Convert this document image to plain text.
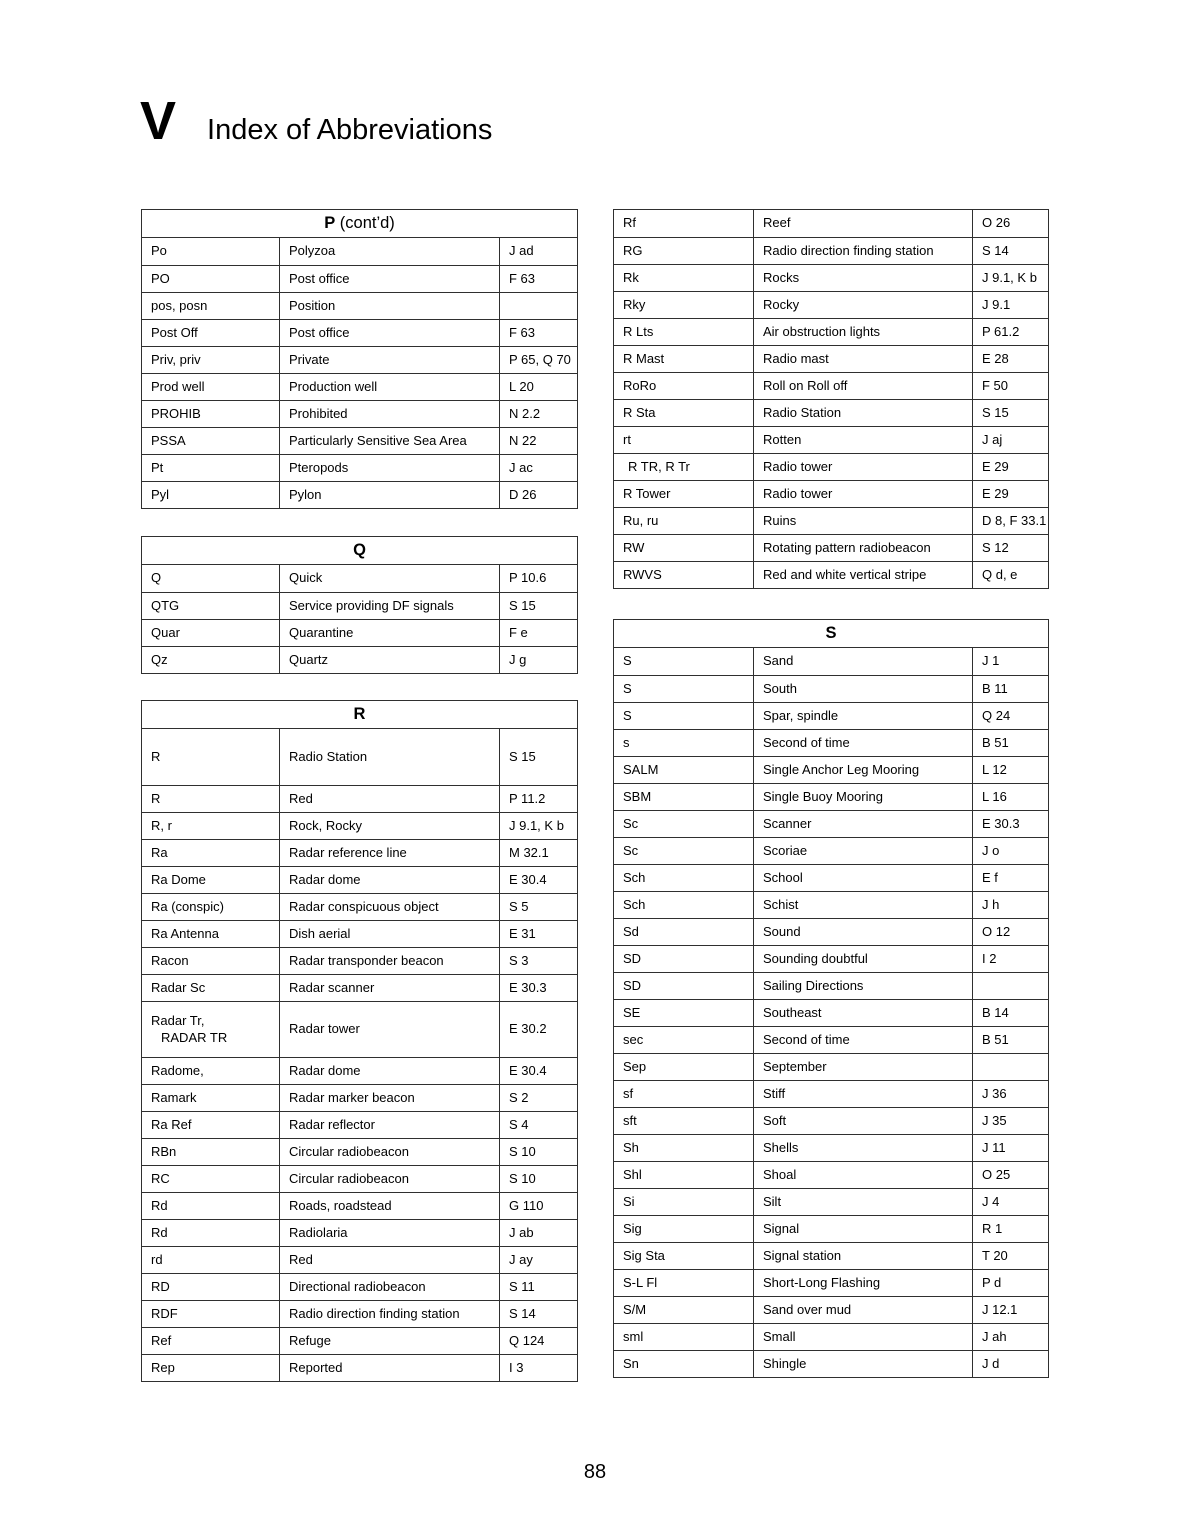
V Index of Abbreviations
P (cont’d)
Po	Polyzoa	J ad
PO	Post office	F 63
pos, posn	Position
Post Off	Post office	F 63
Priv, priv	Private	P 65, Q 70
Prod well	Production well	L 20
PROHIB	Prohibited	N 2.2
PSSA	Particularly Sensitive Sea Area	N 22
Pt	Pteropods	J ac
Pyl	Pylon	D 26
Q
Q	Quick	P 10.6
QTG	Service providing DF signals	S 15
Quar	Quarantine	F e
Qz	Quartz	J g
R
R	Radio Station	S 15
R	Red	P 11.2
R, r	Rock, Rocky	J 9.1, K b
Ra	Radar reference line	M 32.1
Ra Dome	Radar dome	E 30.4
Ra (conspic)	Radar conspicuous object	S 5
Ra Antenna	Dish aerial	E 31
Racon	Radar transponder beacon	S 3
Radar Sc	Radar scanner	E 30.3
Radar Tr,
RADAR TR
Radar tower	E 30.2
Radome,	Radar dome	E 30.4
Ramark	Radar marker beacon	S 2
Ra Ref	Radar reflector	S 4
RBn	Circular radiobeacon	S 10
RC	Circular radiobeacon	S 10
Rd	Roads, roadstead	G 110
Rd	Radiolaria	J ab
rd	Red	J ay
RD	Directional radiobeacon	S 11
RDF	Radio direction finding station	S 14
Ref	Refuge	Q 124
Rep	Reported	I 3
Rf	Reef	O 26
RG	Radio direction finding station	S 14
Rk	Rocks	J 9.1, K b
Rky	Rocky	J 9.1
R Lts	Air obstruction lights	P 61.2
R Mast	Radio mast	E 28
RoRo	Roll on Roll off	F 50
R Sta	Radio Station	S 15
rt	Rotten	J aj
R TR, R Tr	Radio tower	E 29
R Tower	Radio tower	E 29
Ru, ru	Ruins	D 8, F 33.1
RW	Rotating pattern radiobeacon	S 12
RWVS	Red and white vertical stripe	Q d, e
S
S	Sand	J 1
S	South	B 11
S	Spar, spindle	Q 24
s	Second of time	B 51
SALM	Single Anchor Leg Mooring	L 12
SBM	Single Buoy Mooring	L 16
Sc	Scanner	E 30.3
Sc	Scoriae	J o
Sch	School	E f
Sch	Schist	J h
Sd	Sound	O 12
SD	Sounding doubtful	I 2
SD	Sailing Directions
SE	Southeast	B 14
sec	Second of time	B 51
Sep	September
sf	Stiff	J 36
sft	Soft	J 35
Sh	Shells	J 11
Shl	Shoal	O 25
Si	Silt	J 4
Sig	Signal	R 1
Sig Sta	Signal station	T 20
S-L Fl	Short-Long Flashing	P d
S/M	Sand over mud	J 12.1
sml	Small	J ah
Sn	Shingle	J d
88
